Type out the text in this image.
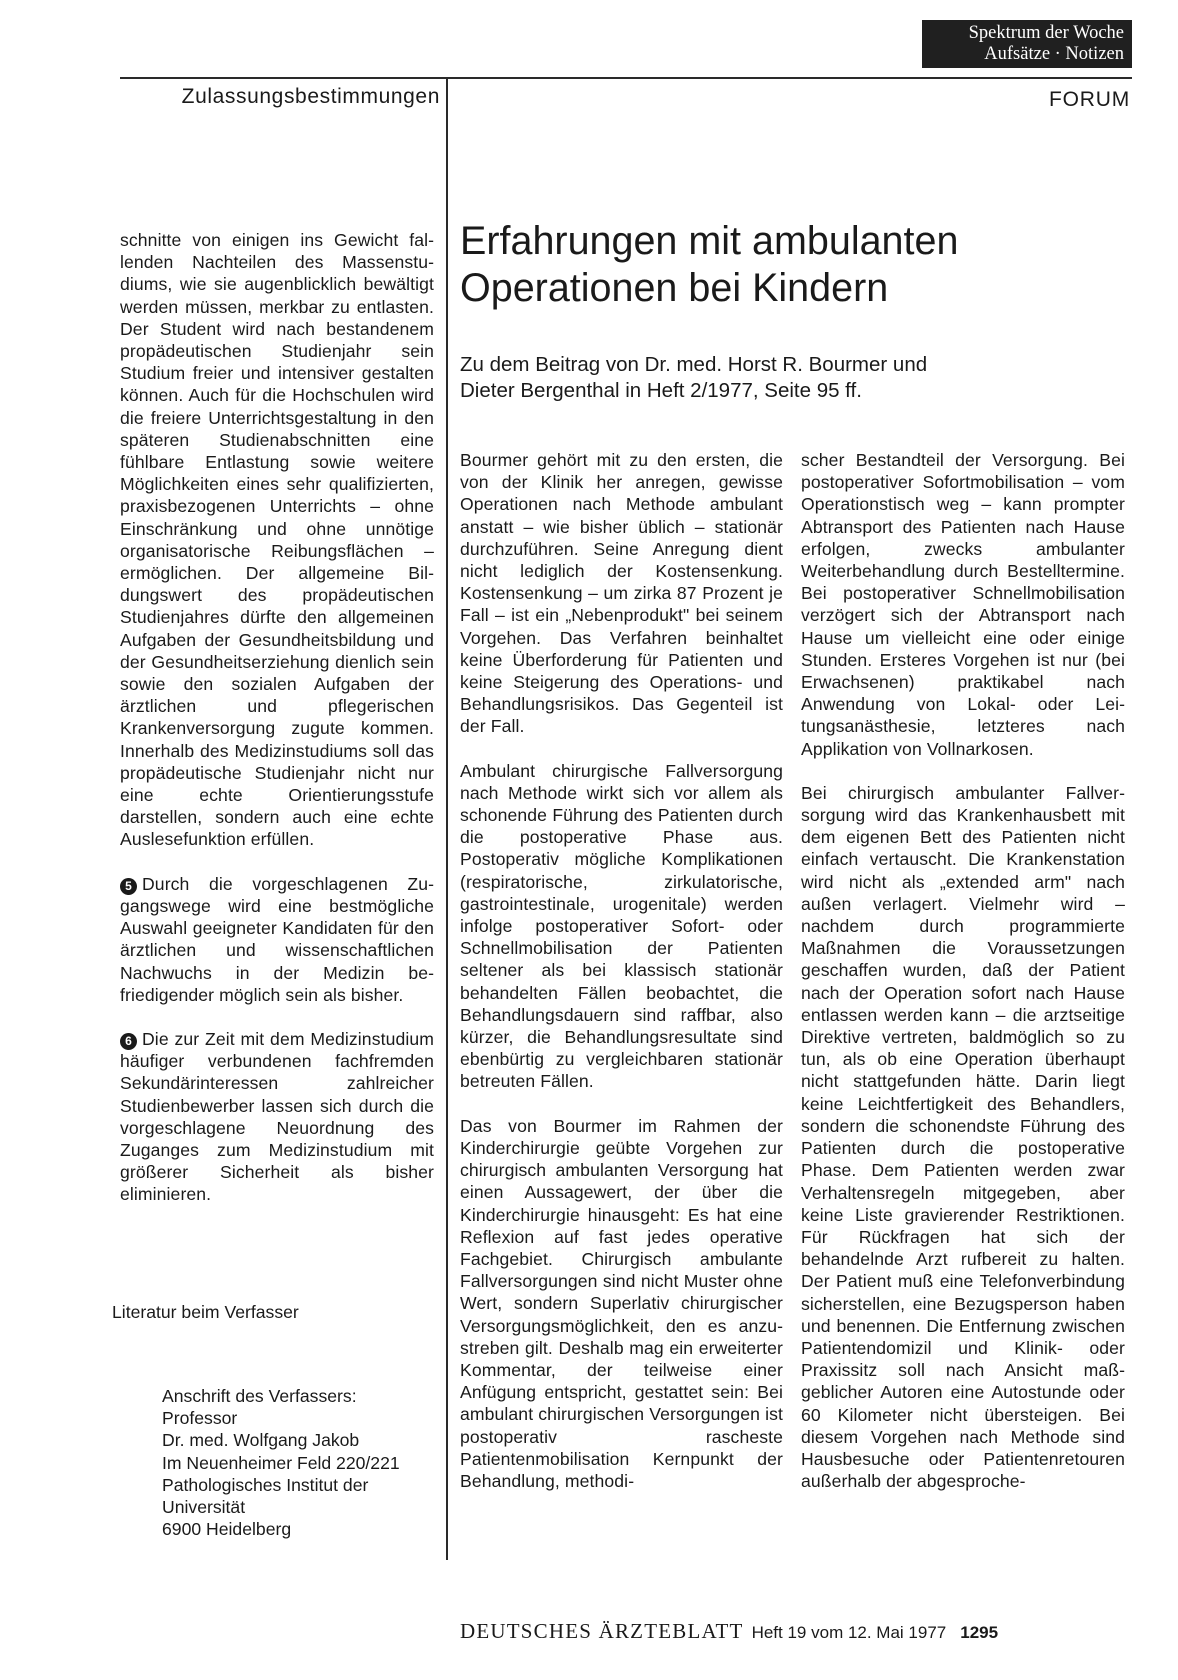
Spektrum der Woche
Aufsätze · Notizen
Zulassungsbestimmungen	FORUM
Erfahrungen mit ambulanten
Operationen bei Kindern
Zu dem Beitrag von Dr. med. Horst R. Bourmer und
Dieter Bergenthal in Heft 2/1977, Seite 95 ff.

schnitte von einigen ins Gewicht fallenden Nachteilen des Massenstudiums, wie sie augenblicklich bewältigt werden müssen, merkbar zu entlasten. Der Student wird nach bestandenem propädeutischen Studienjahr sein Studium freier und intensiver gestalten können. Auch für die Hochschulen wird die freiere Unterrichtsgestaltung in den späteren Studienabschnitten eine fühlbare Entlastung sowie weitere Möglichkeiten eines sehr qualifizierten, praxisbezogenen Unterrichts – ohne Einschränkung und ohne unnötige organisatorische Reibungsflächen – ermöglichen. Der allgemeine Bildungswert des propädeutischen Studienjahres dürfte den allgemeinen Aufgaben der Gesundheitsbildung und der Gesundheitserziehung dienlich sein sowie den sozialen Aufgaben der ärztlichen und pflegerischen Krankenversorgung zugute kommen. Innerhalb des Medizinstudiums soll das propädeutische Studienjahr nicht nur eine echte Orientierungsstufe darstellen, sondern auch eine echte Auslesefunktion erfüllen.

5 Durch die vorgeschlagenen Zugangswege wird eine bestmögliche Auswahl geeigneter Kandidaten für den ärztlichen und wissenschaftlichen Nachwuchs in der Medizin befriedigender möglich sein als bisher.

6 Die zur Zeit mit dem Medizinstudium häufiger verbundenen fachfremden Sekundärinteressen zahlreicher Studienbewerber lassen sich durch die vorgeschlagene Neuordnung des Zuganges zum Medizinstudium mit größerer Sicherheit als bisher eliminieren.

Literatur beim Verfasser
Anschrift des Verfassers:
Professor
Dr. med. Wolfgang Jakob
Im Neuenheimer Feld 220/221
Pathologisches Institut der
Universität
6900 Heidelberg

Bourmer gehört mit zu den ersten, die von der Klinik her anregen, gewisse Operationen nach Methode ambulant anstatt – wie bisher üblich – stationär durchzuführen. Seine Anregung dient nicht lediglich der Kostensenkung. Kostensenkung – um zirka 87 Prozent je Fall – ist ein „Nebenprodukt" bei seinem Vorgehen. Das Verfahren beinhaltet keine Überforderung für Patienten und keine Steigerung des Operations- und Behandlungsrisikos. Das Gegenteil ist der Fall.

Ambulant chirurgische Fallversorgung nach Methode wirkt sich vor allem als schonende Führung des Patienten durch die postoperative Phase aus. Postoperativ mögliche Komplikationen (respiratorische, zirkulatorische, gastrointestinale, urogenitale) werden infolge postoperativer Sofort- oder Schnellmobilisation der Patienten seltener als bei klassisch stationär behandelten Fällen beobachtet, die Behandlungsdauern sind raffbar, also kürzer, die Behandlungsresultate sind ebenbürtig zu vergleichbaren stationär betreuten Fällen.

Das von Bourmer im Rahmen der Kinderchirurgie geübte Vorgehen zur chirurgisch ambulanten Versorgung hat einen Aussagewert, der über die Kinderchirurgie hinausgeht: Es hat eine Reflexion auf fast jedes operative Fachgebiet. Chirurgisch ambulante Fallversorgungen sind nicht Muster ohne Wert, sondern Superlativ chirurgischer Versorgungsmöglichkeit, den es anzustreben gilt. Deshalb mag ein erweiterter Kommentar, der teilweise einer Anfügung entspricht, gestattet sein: Bei ambulant chirurgischen Versorgungen ist postoperativ rascheste Patientenmobilisation Kernpunkt der Behandlung, methodi-

scher Bestandteil der Versorgung. Bei postoperativer Sofortmobilisation – vom Operationstisch weg – kann prompter Abtransport des Patienten nach Hause erfolgen, zwecks ambulanter Weiterbehandlung durch Bestelltermine. Bei postoperativer Schnellmobilisation verzögert sich der Abtransport nach Hause um vielleicht eine oder einige Stunden. Ersteres Vorgehen ist nur (bei Erwachsenen) praktikabel nach Anwendung von Lokal- oder Leitungsanästhesie, letzteres nach Applikation von Vollnarkosen.

Bei chirurgisch ambulanter Fallversorgung wird das Krankenhausbett mit dem eigenen Bett des Patienten nicht einfach vertauscht. Die Krankenstation wird nicht als „extended arm" nach außen verlagert. Vielmehr wird – nachdem durch programmierte Maßnahmen die Voraussetzungen geschaffen wurden, daß der Patient nach der Operation sofort nach Hause entlassen werden kann – die arztseitige Direktive vertreten, baldmöglich so zu tun, als ob eine Operation überhaupt nicht stattgefunden hätte. Darin liegt keine Leichtfertigkeit des Behandlers, sondern die schonendste Führung des Patienten durch die postoperative Phase. Dem Patienten werden zwar Verhaltensregeln mitgegeben, aber keine Liste gravierender Restriktionen. Für Rückfragen hat sich der behandelnde Arzt rufbereit zu halten. Der Patient muß eine Telefonverbindung sicherstellen, eine Bezugsperson haben und benennen. Die Entfernung zwischen Patientendomizil und Klinik- oder Praxissitz soll nach Ansicht maßgeblicher Autoren eine Autostunde oder 60 Kilometer nicht übersteigen. Bei diesem Vorgehen nach Methode sind Hausbesuche oder Patientenretouren außerhalb der abgesproche-

DEUTSCHES ÄRZTEBLATT Heft 19 vom 12. Mai 1977 1295
